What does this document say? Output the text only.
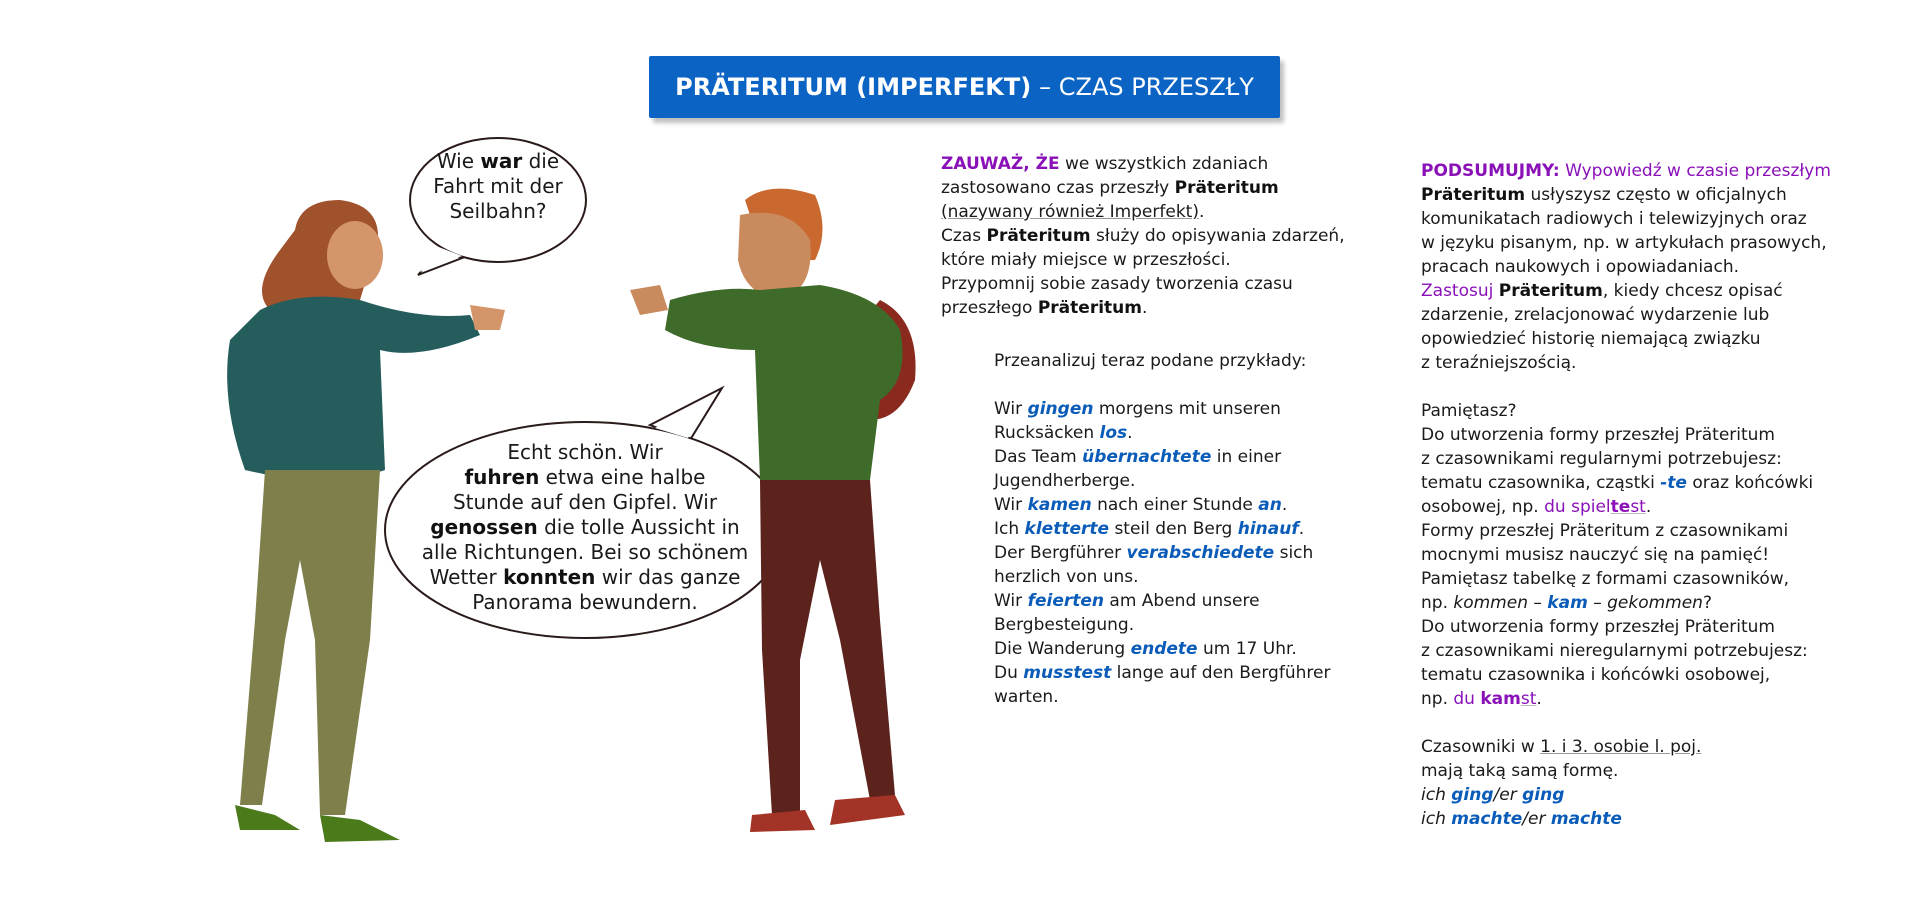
PRÄTERITUM (IMPERFEKT) – CZAS PRZESZŁY
Wie war die
Fahrt mit der
Seilbahn?
Echt schön. Wir
fuhren etwa eine halbe
Stunde auf den Gipfel. Wir
genossen die tolle Aussicht in
alle Richtungen. Bei so schönem
Wetter konnten wir das ganze
Panorama bewundern.
ZAUWAŻ, ŻE we wszystkich zdaniach
zastosowano czas przeszły Präteritum
(nazywany również Imperfekt).
Czas Präteritum służy do opisywania zdarzeń,
które miały miejsce w przeszłości.
Przypomnij sobie zasady tworzenia czasu
przeszłego Präteritum.
Przeanalizuj teraz podane przykłady:
Wir gingen morgens mit unseren
Rucksäcken los.
Das Team übernachtete in einer
Jugendherberge.
Wir kamen nach einer Stunde an.
Ich kletterte steil den Berg hinauf.
Der Bergführer verabschiedete sich
herzlich von uns.
Wir feierten am Abend unsere
Bergbesteigung.
Die Wanderung endete um 17 Uhr.
Du musstest lange auf den Bergführer
warten.
PODSUMUJMY: Wypowiedź w czasie przeszłym
Präteritum usłyszysz często w oficjalnych
komunikatach radiowych i telewizyjnych oraz
w języku pisanym, np. w artykułach prasowych,
pracach naukowych i opowiadaniach.
Zastosuj Präteritum, kiedy chcesz opisać
zdarzenie, zrelacjonować wydarzenie lub
opowiedzieć historię niemającą związku
z teraźniejszością.
Pamiętasz?
Do utworzenia formy przeszłej Präteritum
z czasownikami regularnymi potrzebujesz:
tematu czasownika, cząstki -te oraz końcówki
osobowej, np. du spieltest.
Formy przeszłej Präteritum z czasownikami
mocnymi musisz nauczyć się na pamięć!
Pamiętasz tabelkę z formami czasowników,
np. kommen – kam – gekommen?
Do utworzenia formy przeszłej Präteritum
z czasownikami nieregularnymi potrzebujesz:
tematu czasownika i końcówki osobowej,
np. du kamst.
Czasowniki w 1. i 3. osobie l. poj.
mają taką samą formę.
ich ging/er ging
ich machte/er machte
